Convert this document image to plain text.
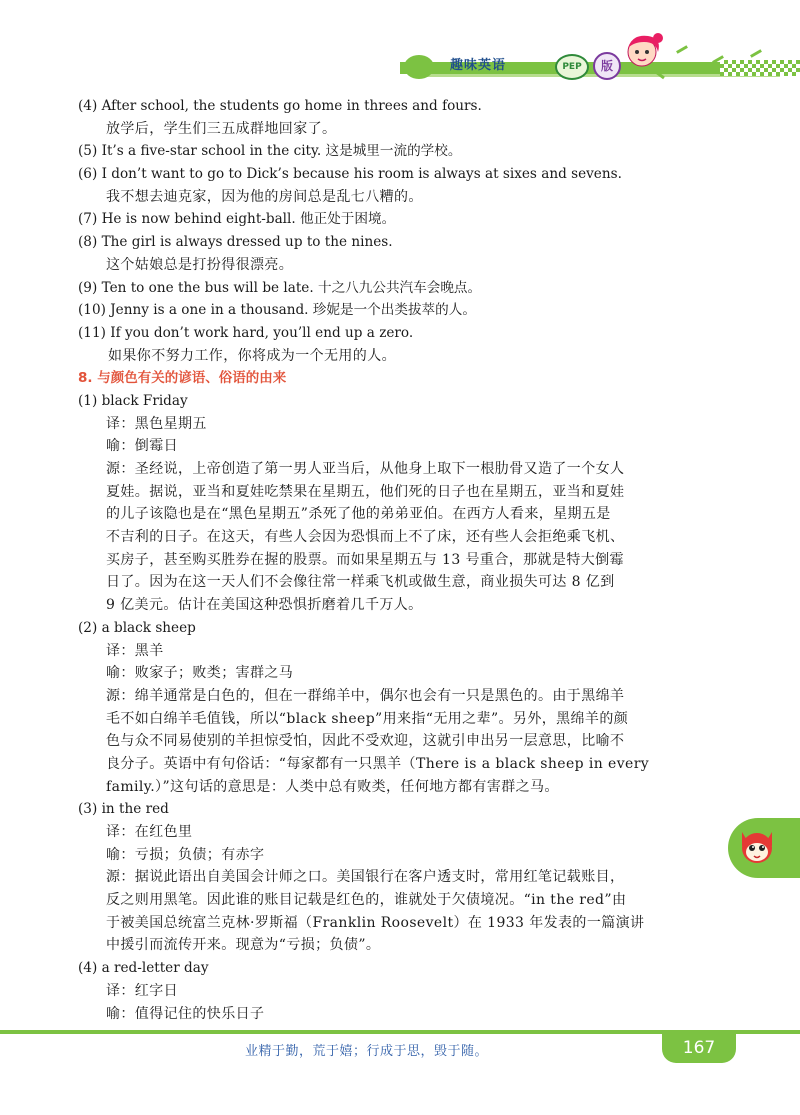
趣味英语	PEP	版
(4) After school, the students go home in threes and fours.
放学后，学生们三五成群地回家了。
(5) It’s a five-star school in the city. 这是城里一流的学校。
(6) I don’t want to go to Dick’s because his room is always at sixes and sevens.
我不想去迪克家，因为他的房间总是乱七八糟的。
(7) He is now behind eight-ball. 他正处于困境。
(8) The girl is always dressed up to the nines.
这个姑娘总是打扮得很漂亮。
(9) Ten to one the bus will be late. 十之八九公共汽车会晚点。
(10) Jenny is a one in a thousand. 珍妮是一个出类拔萃的人。
(11) If you don’t work hard, you’ll end up a zero.
如果你不努力工作，你将成为一个无用的人。
8. 与颜色有关的谚语、俗语的由来
(1) black Friday
译：黑色星期五
喻：倒霉日
源：圣经说，上帝创造了第一男人亚当后，从他身上取下一根肋骨又造了一个女人
夏娃。据说，亚当和夏娃吃禁果在星期五，他们死的日子也在星期五，亚当和夏娃
的儿子该隐也是在“黑色星期五”杀死了他的弟弟亚伯。在西方人看来，星期五是
不吉利的日子。在这天，有些人会因为恐惧而上不了床，还有些人会拒绝乘飞机、
买房子，甚至购买胜券在握的股票。而如果星期五与 13 号重合，那就是特大倒霉
日了。因为在这一天人们不会像往常一样乘飞机或做生意，商业损失可达 8 亿到
9 亿美元。估计在美国这种恐惧折磨着几千万人。
(2) a black sheep
译：黑羊
喻：败家子；败类；害群之马
源：绵羊通常是白色的，但在一群绵羊中，偶尔也会有一只是黑色的。由于黑绵羊
毛不如白绵羊毛值钱，所以“black sheep”用来指“无用之辈”。另外，黑绵羊的颜
色与众不同易使别的羊担惊受怕，因此不受欢迎，这就引申出另一层意思，比喻不
良分子。英语中有句俗话：“每家都有一只黑羊（There is a black sheep in every
family.）”这句话的意思是：人类中总有败类，任何地方都有害群之马。
(3) in the red
译：在红色里
喻：亏损；负债；有赤字
源：据说此语出自美国会计师之口。美国银行在客户透支时，常用红笔记载账目，
反之则用黑笔。因此谁的账目记载是红色的，谁就处于欠债境况。“in the red”由
于被美国总统富兰克林·罗斯福（Franklin Roosevelt）在 1933 年发表的一篇演讲
中援引而流传开来。现意为“亏损；负债”。
(4) a red-letter day
译：红字日
喻：值得记住的快乐日子
业精于勤，荒于嬉；行成于思，毁于随。	167
